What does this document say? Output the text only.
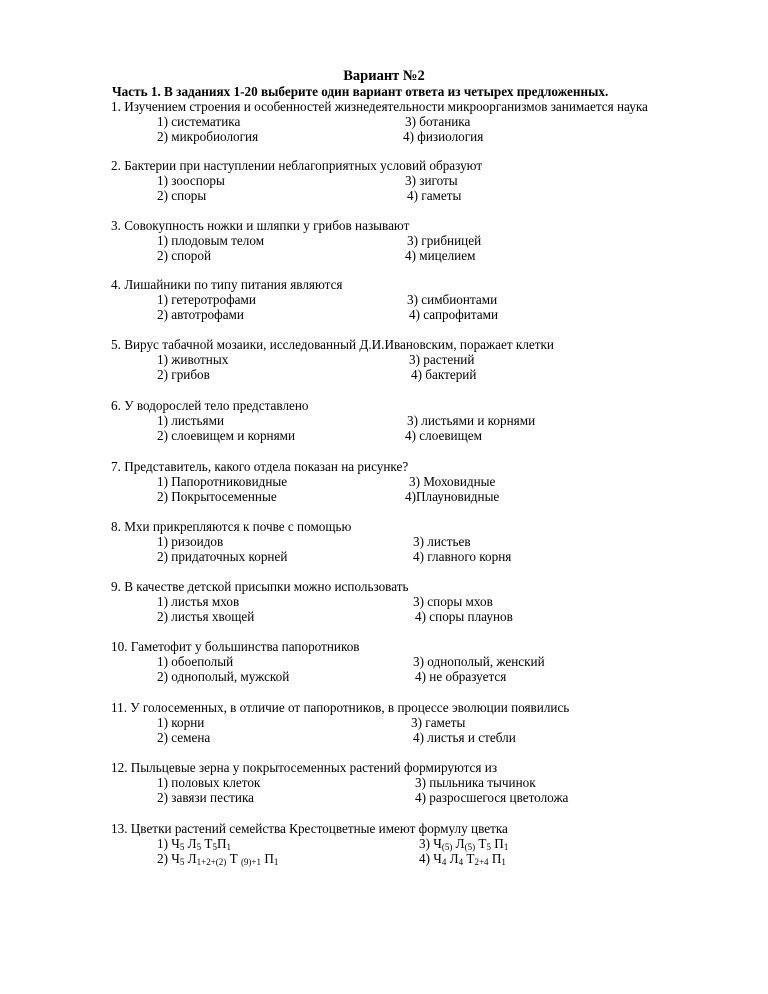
Вариант №2
Часть 1. В заданиях 1-20 выберите один вариант ответа из четырех предложенных.
1. Изучением строения и особенностей жизнедеятельности микроорганизмов занимается наука
1) систематика	3) ботаника
2) микробиология	4) физиология
2. Бактерии при наступлении неблагоприятных условий образуют
1) зооспоры	3) зиготы
2) споры	4) гаметы
3. Совокупность ножки и шляпки у грибов называют
1) плодовым телом	3) грибницей
2) спорой	4) мицелием
4. Лишайники по типу питания являются
1) гетеротрофами	3) симбионтами
2) автотрофами	4) сапрофитами
5. Вирус табачной мозаики, исследованный Д.И.Ивановским, поражает клетки
1) животных	3) растений
2) грибов	4) бактерий
6. У водорослей тело представлено
1) листьями	3) листьями и корнями
2) слоевищем и корнями	4) слоевищем
7. Представитель, какого отдела показан на рисунке?
1) Папоротниковидные	3) Моховидные
2) Покрытосеменные	4)Плауновидные
8. Мхи прикрепляются к почве с помощью
1) ризоидов	3) листьев
2) придаточных корней	4) главного корня
9. В качестве детской присыпки можно использовать
1) листья мхов	3) споры мхов
2) листья хвощей	4) споры плаунов
10. Гаметофит у большинства папоротников
1) обоеполый	3) однополый, женский
2) однополый, мужской	4) не образуется
11. У голосеменных, в отличие от папоротников, в процессе эволюции появились
1) корни	3) гаметы
2) семена	4) листья и стебли
12. Пыльцевые зерна у покрытосеменных растений формируются из
1) половых клеток	3) пыльника тычинок
2) завязи пестика	4) разросшегося цветоложа
13. Цветки растений семейства Крестоцветные имеют формулу цветка
1) $Ч_5$ $Л_5$ $Т_5П_1$	3) $Ч_{(5)}$ $Л_{(5)}$ $Т_5$ $П_1$
2) $Ч_5$ $Л_{1+2+(2)}$ Т $_{(9)+1}$ $П_1$	4) $Ч_4$ $Л_4$ $Т_{2+4}$ $П_1$
